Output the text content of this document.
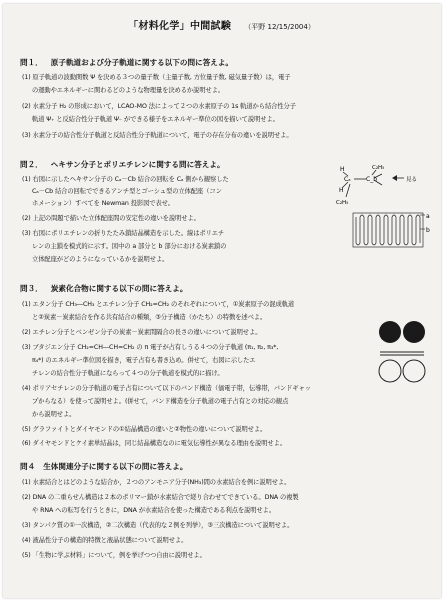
「材料化学」中間試験 （平野 12/15/2004）
問１． 原子軌道および分子軌道に関する以下の問に答えよ。
(1) 原子軌道の波動関数 Ψ を決める３つの量子数（主量子数, 方位量子数, 磁気量子数）は，電子
の運動やエネルギーに関わるどのような物理量を決めるか説明せよ。
(2) 水素分子 H₂ の形成において，LCAO-MO 法によって２つの水素原子の 1s 軌道から結合性分子
軌道 Ψ₊ と反結合性分子軌道 Ψ₋ ができる様子をエネルギー準位の図を描いて説明せよ。
(3) 水素分子の結合性分子軌道と反結合性分子軌道について，電子の存在分布の違いを説明せよ。
問２． ヘキサン分子とポリエチレンに関する問に答えよ。
(1) 右図に示したヘキサン分子の Cₐ－Cb 結合の回転を Cₐ 側から観察した
Cₐ－Cb 結合の回転でできるアンチ型とゴーシュ型の立体配座（コン
ホメーション）すべてを Newman 投影図で表せ。
(2) 上記の問題で描いた立体配座間の安定性の違いを説明せよ。
(3) 右図にポリエチレンの折りたたみ鎖結晶構造を示した。線はポリエチ
レンの主鎖を模式的に示す。図中の a 部分と b 部分における炭素鎖の
立体配座がどのようになっているかを説明せよ。
H
H
Cₐ	C_b
C₂H₅
C₂H₅
見る
a
b
問３． 炭素化合物に関する以下の問に答えよ。
(1) エタン分子 CH₃―CH₃ とエチレン分子 CH₂=CH₂ のそれぞれについて，①炭素原子の混成軌道
と②炭素－炭素結合を作る共有結合の種類，③分子構造（かたち）の特徴を述べよ。
(2) エチレン分子とベンゼン分子の炭素－炭素間隔合の長さの違いについて説明せよ。
(3) ブタジエン分子 CH₂=CH―CH=CH₂ の π 電子が占有しうる４つの分子軌道 (π₁, π₂, π₃*,
π₄*) のエネルギー準位図を描き，電子占有も書き込め。併せて，右図に示したエ
チレンの結合性分子軌道にならって４つの分子軌道を模式的に描け。
(4) ポリアセチレンの分子軌道の電子占有について以下のバンド構造（価電子帯，伝導帯，バンドギャッ
プからなる）を使って説明せよ。(併せて，バンド構造を分子軌道の電子占有との対応の観点
から説明せよ。
(5) グラファイトとダイヤモンドの①結晶構造の違いと②物性の違いについて説明せよ。
(6) ダイヤモンドとケイ素単結晶は，同じ結晶構造なのに電気伝導性が異なる理由を説明せよ。
問４ 生体関連分子に関する以下の問に答えよ。
(1) 水素結合とはどのような結合か，２つのアンモニア分子(NH₃)間の水素結合を例に説明せよ。
(2) DNA の二重らせん構造は２本のポリマー鎖が水素結合で縒り合わせてできている。DNA の複製
や RNA への転写を行うときに，DNA が水素結合を使った構造である利点を説明せよ。
(3) タンパク質の①一次構造，②二次構造（代表的な２例を列挙），③三次構造について説明せよ。
(4) 液晶性分子の構造的特徴と液晶状態について説明せよ。
(5) 「生物に学ぶ材料」について，例を挙げつつ自由に説明せよ。
